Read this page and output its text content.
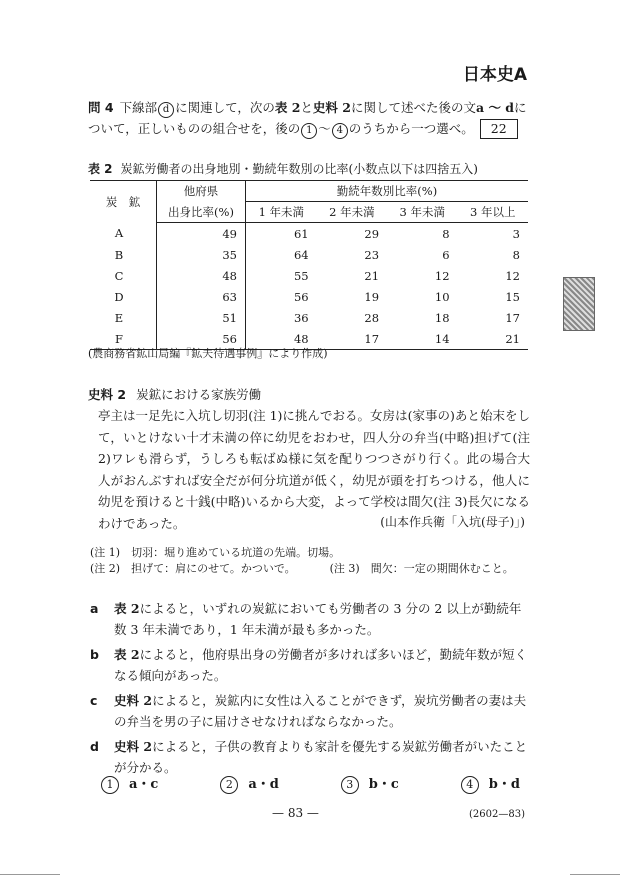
日本史A
問 4 下線部 d に関連して，次の表 2と史料 2に関して述べた後の文a ～ dについて，正しいものの組合せを，後の 1 ～ 4 のうちから一つ選べ。 22
表 2 炭鉱労働者の出身地別・勤続年数別の比率(小数点以下は四捨五入)
炭　鉱	他府県	勤続年数別比率(%)			
	出身比率(%)	1 年未満	2 年未満	3 年未満	3 年以上
A	49	61	29	8	3
B	35	64	23	6	8
C	48	55	21	12	12
D	63	56	19	10	15
E	51	36	28	18	17
F	56	48	17	14	21
(農商務省鉱山局編『鉱夫待遇事例』により作成)
史料 2 炭鉱における家族労働
亭主は一足先に入坑し切羽(注 1)に挑んでおる。女房は(家事の)あと始末をして，いとけない十才未満の倅に幼児をおわせ，四人分の弁当(中略)担げて(注 2)ワレも滑らず，うしろも転ばぬ様に気を配りつつさがり行く。此の場合大人がおんぶすれば安全だが何分坑道が低く，幼児が頭を打ちつける，他人に幼児を預けると十銭(中略)いるから大変，よって学校は間欠(注 3)長欠になるわけであった。	(山本作兵衛「入坑(母子)」)
(注 1)　切羽：堀り進めている坑道の先端。切場。
(注 2)　担げて：肩にのせて。かついで。	(注 3)　間欠：一定の期間休むこと。
a	表 2によると，いずれの炭鉱においても労働者の 3 分の 2 以上が勤続年数 3 年未満であり，1 年未満が最も多かった。
b	表 2によると，他府県出身の労働者が多ければ多いほど，勤続年数が短くなる傾向があった。
c	史料 2によると，炭鉱内に女性は入ることができず，炭坑労働者の妻は夫の弁当を男の子に届けさせなければならなかった。
d	史料 2によると，子供の教育よりも家計を優先する炭鉱労働者がいたことが分かる。
1 a・c	2 a・d	3 b・c	4 b・d
— 83 —	(2602—83)
